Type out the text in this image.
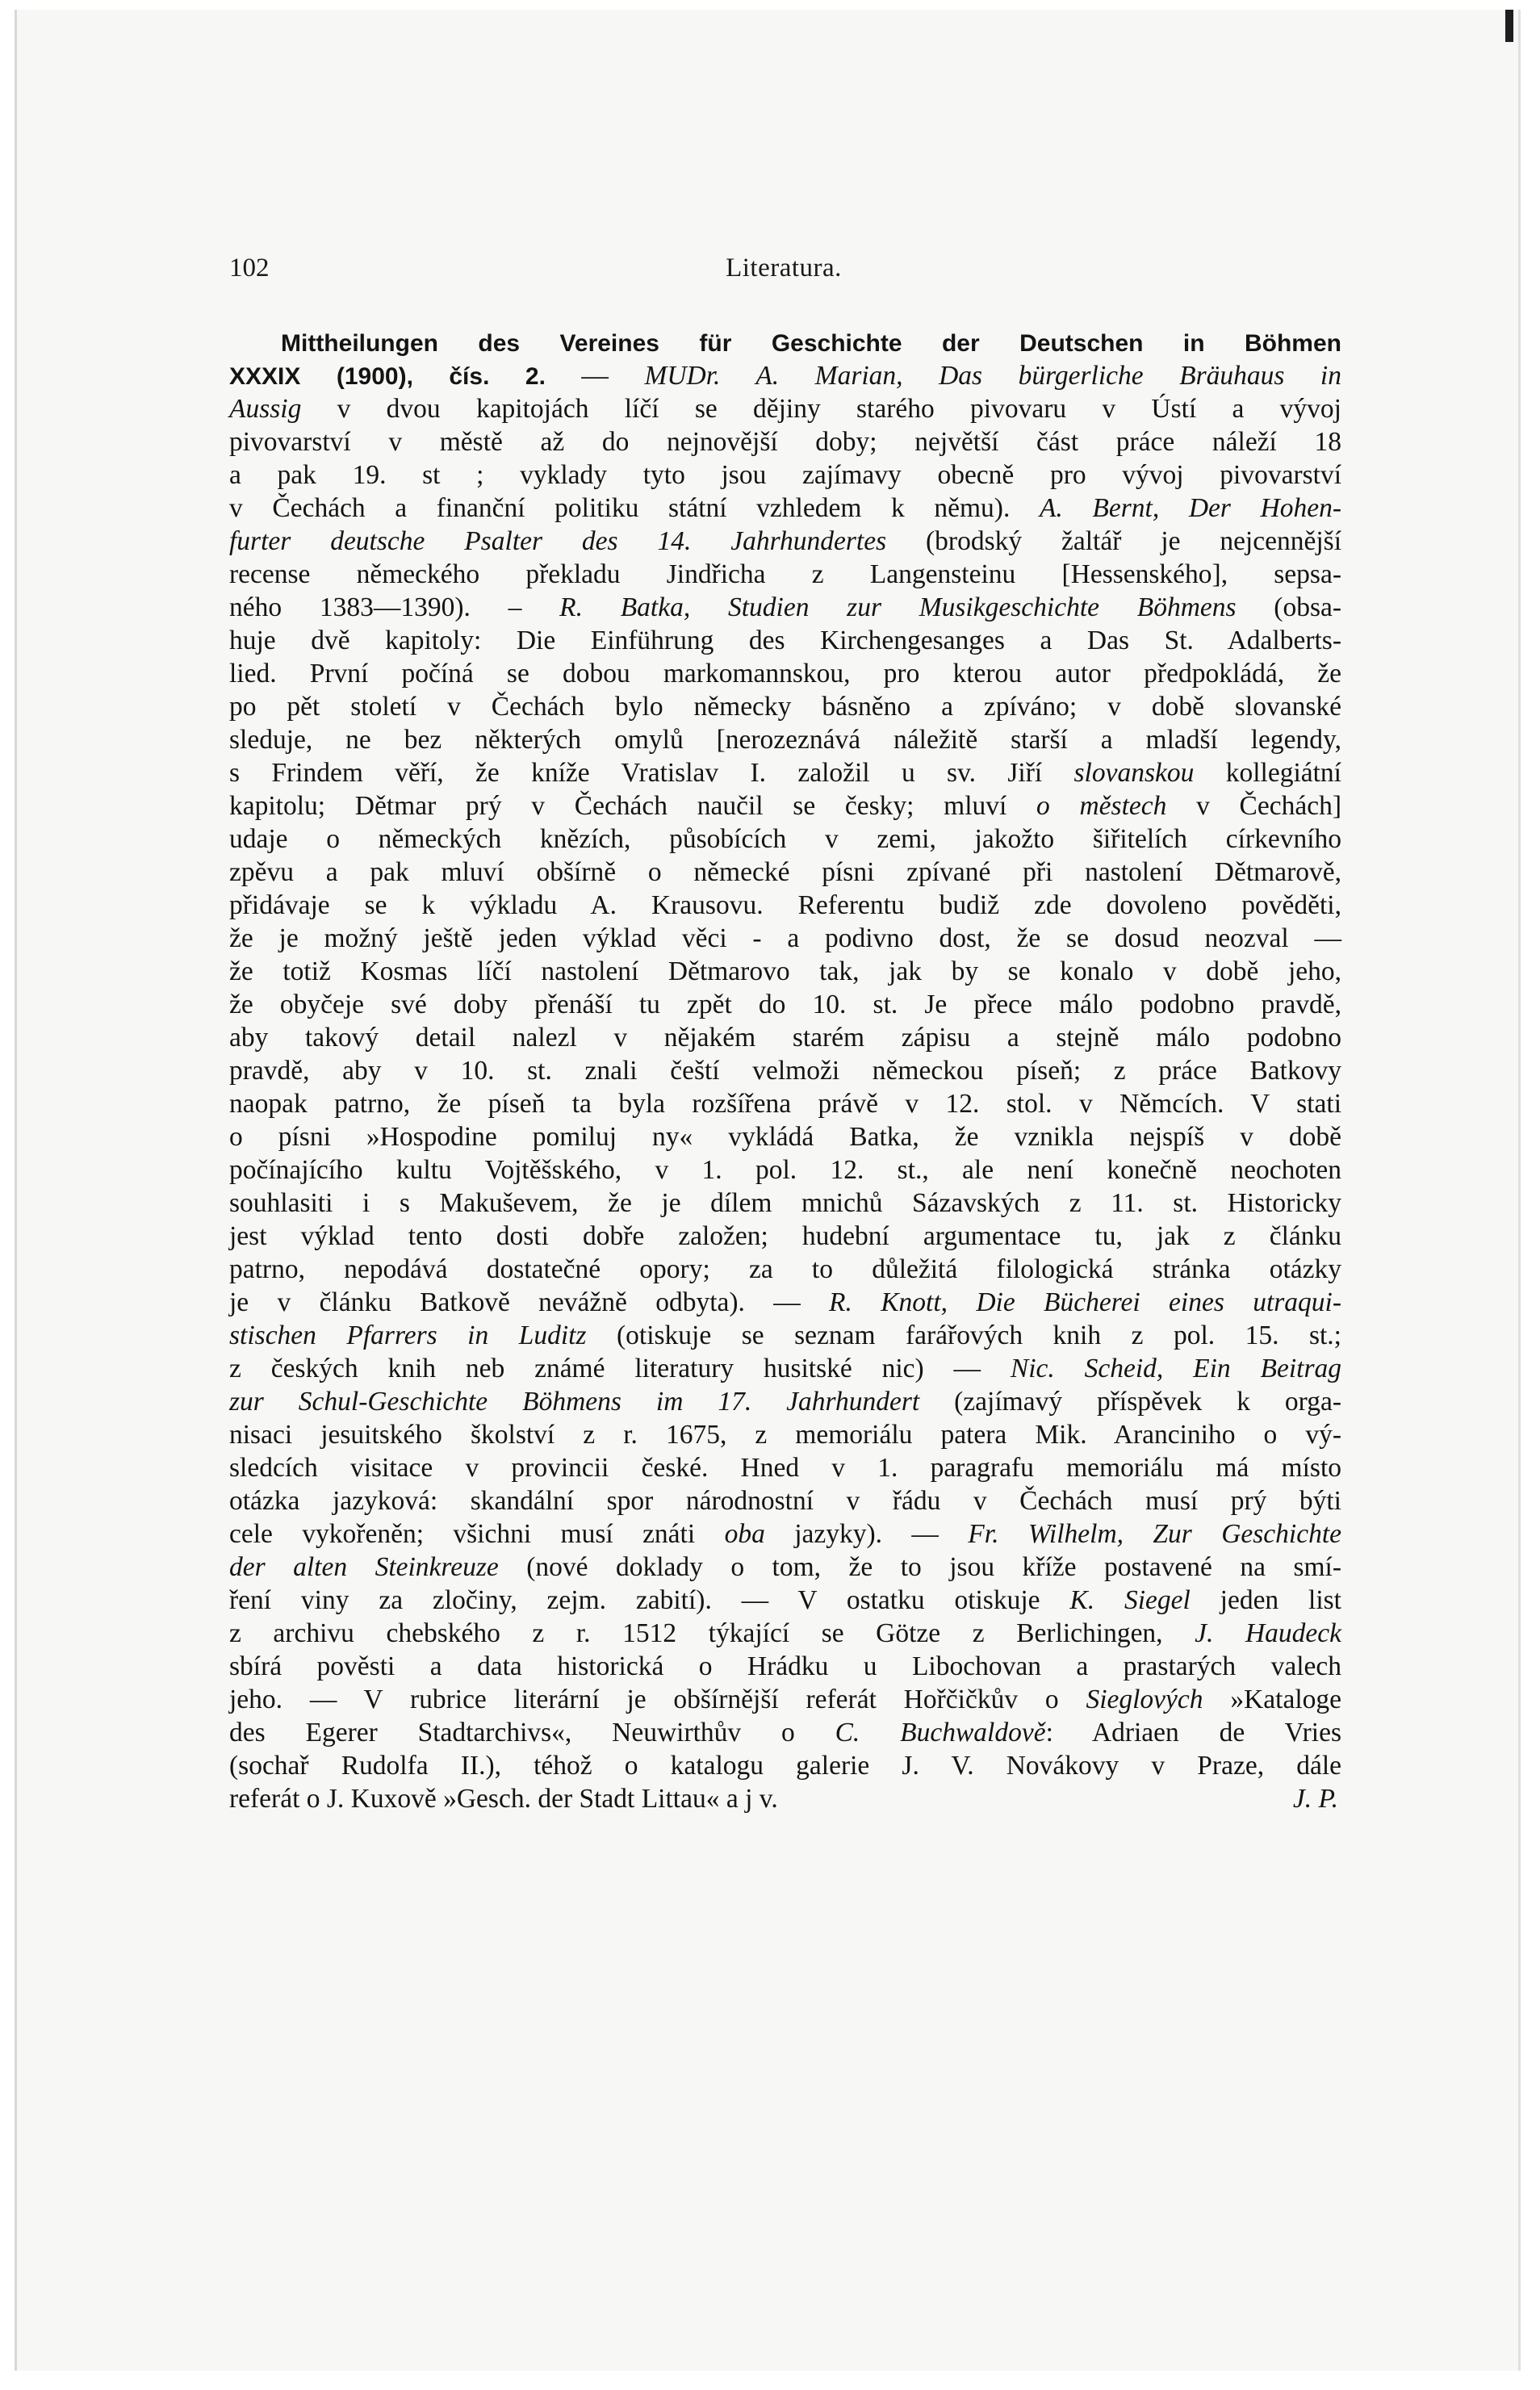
102	Literatura.
Mittheilungen des Vereines für Geschichte der Deutschen in Böhmen
XXXIX (1900), čís. 2. — MUDr. A. Marian, Das bürgerliche Bräuhaus in
Aussig v dvou kapitojách líčí se dějiny starého pivovaru v Ústí a vývoj
pivovarství v městě až do nejnovější doby; největší část práce náleží 18
a pak 19. st ; vyklady tyto jsou zajímavy obecně pro vývoj pivovarství
v Čechách a finanční politiku státní vzhledem k němu). A. Bernt, Der Hohen-
furter deutsche Psalter des 14. Jahrhundertes (brodský žaltář je nejcennější
recense německého překladu Jindřicha z Langensteinu [Hessenského], sepsa-
ného 1383—1390). – R. Batka, Studien zur Musikgeschichte Böhmens (obsa-
huje dvě kapitoly: Die Einführung des Kirchengesanges a Das St. Adalberts-
lied. První počíná se dobou markomannskou, pro kterou autor předpokládá, že
po pět století v Čechách bylo německy básněno a zpíváno; v době slovanské
sleduje, ne bez některých omylů [nerozeznává náležitě starší a mladší legendy,
s Frindem věří, že kníže Vratislav I. založil u sv. Jiří slovanskou kollegiátní
kapitolu; Dětmar prý v Čechách naučil se česky; mluví o městech v Čechách]
udaje o německých knězích, působících v zemi, jakožto šiřitelích církevního
zpěvu a pak mluví obšírně o německé písni zpívané při nastolení Dětmarově,
přidávaje se k výkladu A. Krausovu. Referentu budiž zde dovoleno pověděti,
že je možný ještě jeden výklad věci - a podivno dost, že se dosud neozval —
že totiž Kosmas líčí nastolení Dětmarovo tak, jak by se konalo v době jeho,
že obyčeje své doby přenáší tu zpět do 10. st. Je přece málo podobno pravdě,
aby takový detail nalezl v nějakém starém zápisu a stejně málo podobno
pravdě, aby v 10. st. znali čeští velmoži německou píseň; z práce Batkovy
naopak patrno, že píseň ta byla rozšířena právě v 12. stol. v Němcích. V stati
o písni »Hospodine pomiluj ny« vykládá Batka, že vznikla nejspíš v době
počínajícího kultu Vojtěšského, v 1. pol. 12. st., ale není konečně neochoten
souhlasiti i s Makuševem, že je dílem mnichů Sázavských z 11. st. Historicky
jest výklad tento dosti dobře založen; hudební argumentace tu, jak z článku
patrno, nepodává dostatečné opory; za to důležitá filologická stránka otázky
je v článku Batkově nevážně odbyta). — R. Knott, Die Bücherei eines utraqui-
stischen Pfarrers in Luditz (otiskuje se seznam farářových knih z pol. 15. st.;
z českých knih neb známé literatury husitské nic) — Nic. Scheid, Ein Beitrag
zur Schul-Geschichte Böhmens im 17. Jahrhundert (zajímavý příspěvek k orga-
nisaci jesuitského školství z r. 1675, z memoriálu patera Mik. Aranciniho o vý-
sledcích visitace v provincii české. Hned v 1. paragrafu memoriálu má místo
otázka jazyková: skandální spor národnostní v řádu v Čechách musí prý býti
cele vykořeněn; všichni musí znáti oba jazyky). — Fr. Wilhelm, Zur Geschichte
der alten Steinkreuze (nové doklady o tom, že to jsou kříže postavené na smí-
ření viny za zločiny, zejm. zabití). — V ostatku otiskuje K. Siegel jeden list
z archivu chebského z r. 1512 týkající se Götze z Berlichingen, J. Haudeck
sbírá pověsti a data historická o Hrádku u Libochovan a prastarých valech
jeho. — V rubrice literární je obšírnější referát Hořčičkův o Sieglových »Kataloge
des Egerer Stadtarchivs«, Neuwirthův o C. Buchwaldově: Adriaen de Vries
(sochař Rudolfa II.), téhož o katalogu galerie J. V. Novákovy v Praze, dále
referát o J. Kuxově »Gesch. der Stadt Littau« a j v.	J. P.
